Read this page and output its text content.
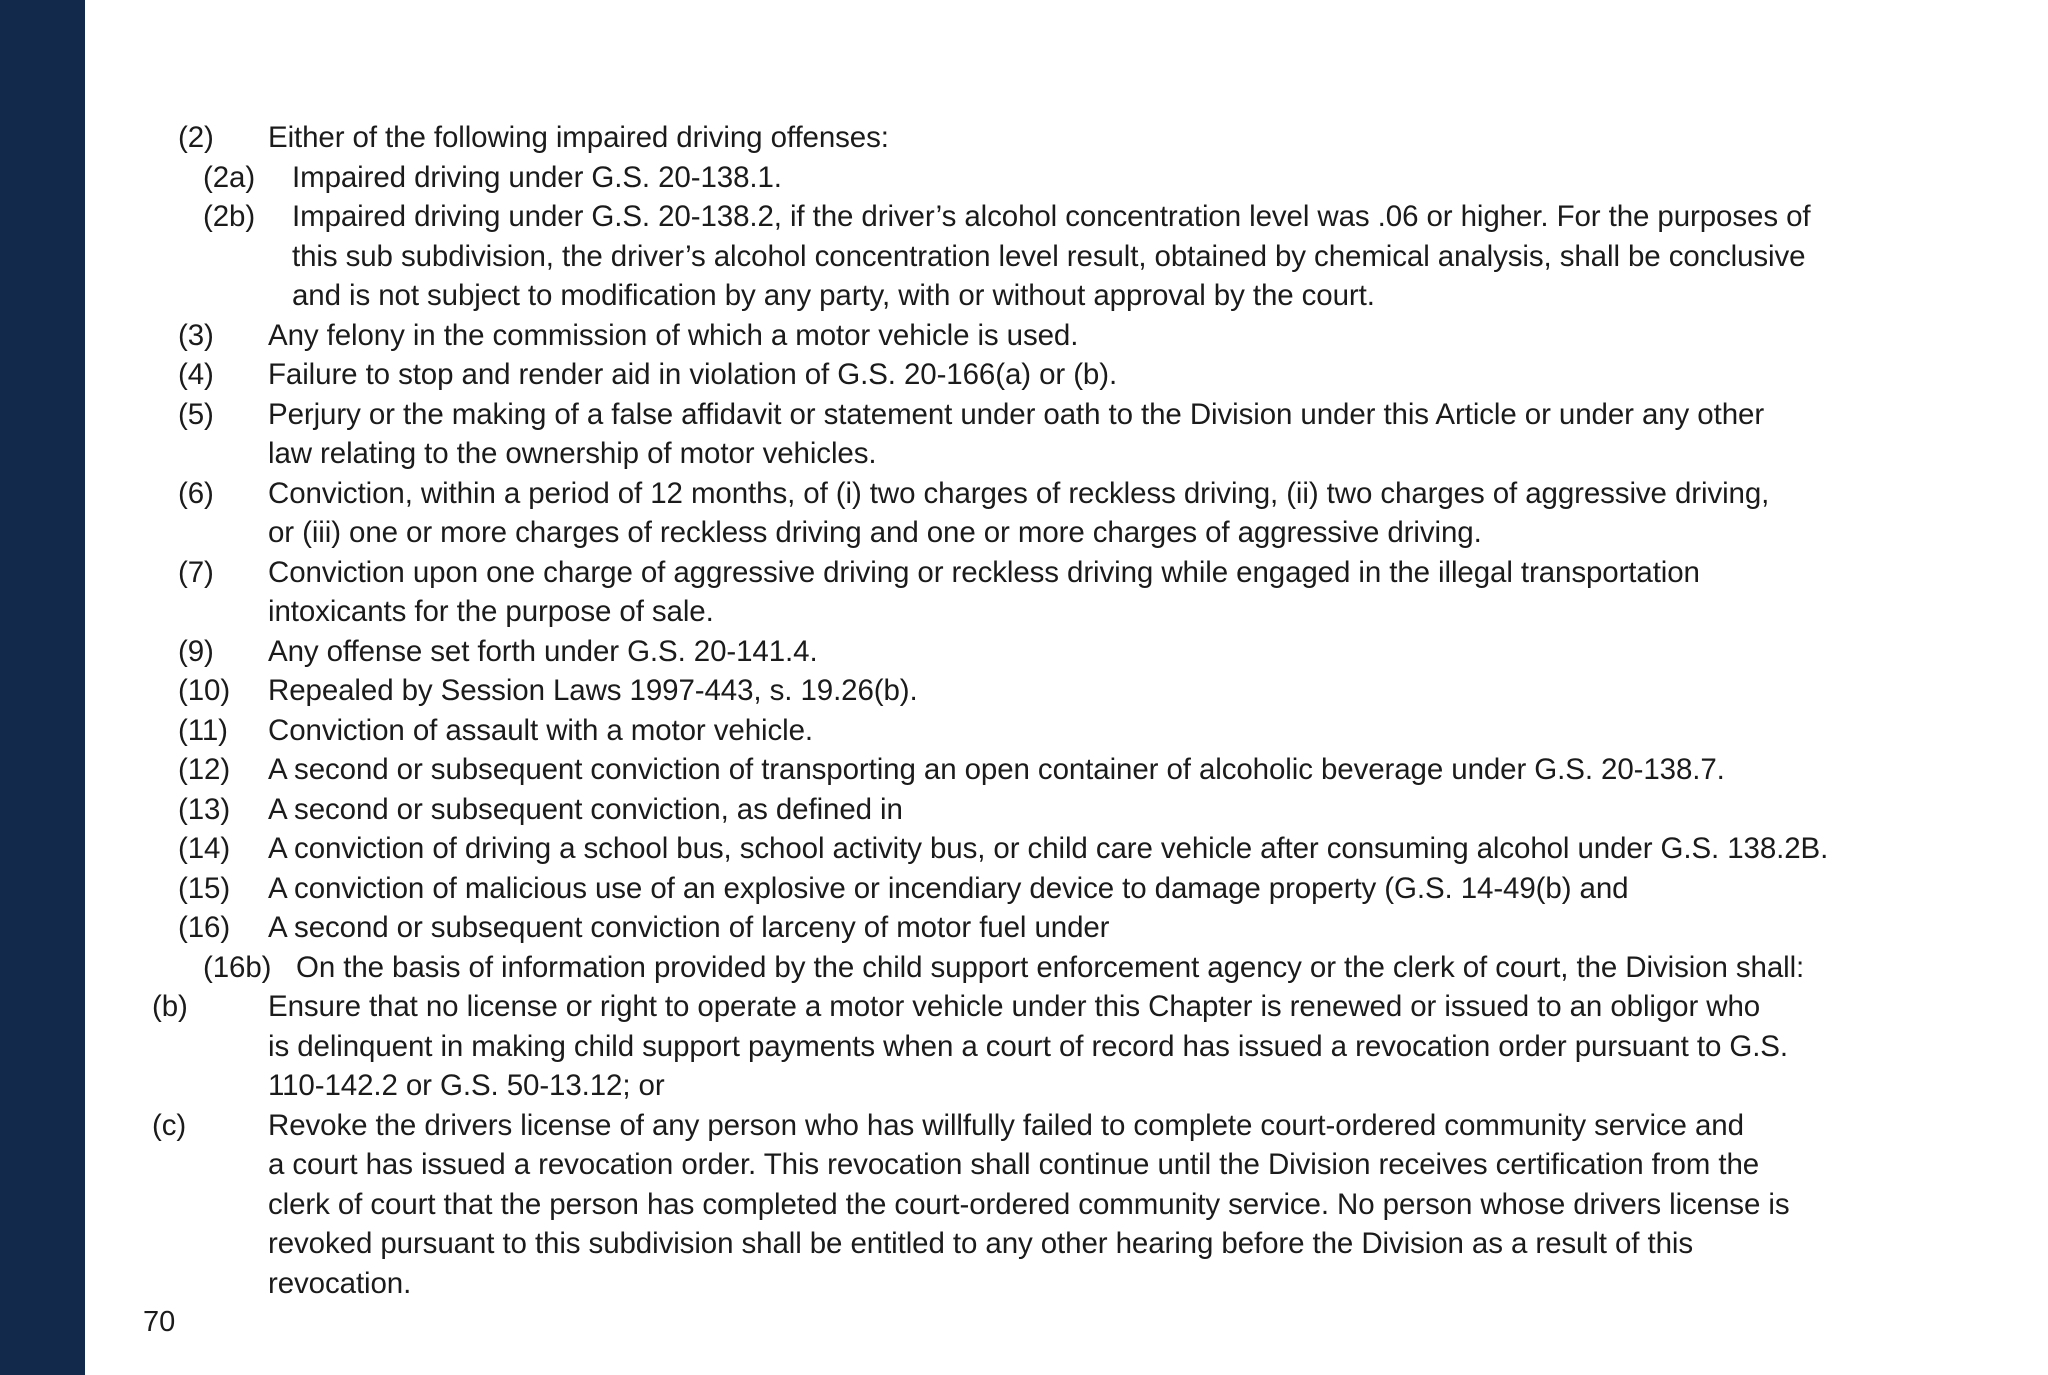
(2) Either of the following impaired driving offenses:
(2a) Impaired driving under G.S. 20-138.1.
(2b) Impaired driving under G.S. 20-138.2, if the driver’s alcohol concentration level was .06 or higher. For the purposes of
this sub subdivision, the driver’s alcohol concentration level result, obtained by chemical analysis, shall be conclusive
and is not subject to modification by any party, with or without approval by the court.
(3) Any felony in the commission of which a motor vehicle is used.
(4) Failure to stop and render aid in violation of G.S. 20-166(a) or (b).
(5) Perjury or the making of a false affidavit or statement under oath to the Division under this Article or under any other
law relating to the ownership of motor vehicles.
(6) Conviction, within a period of 12 months, of (i) two charges of reckless driving, (ii) two charges of aggressive driving,
or (iii) one or more charges of reckless driving and one or more charges of aggressive driving.
(7) Conviction upon one charge of aggressive driving or reckless driving while engaged in the illegal transportation
intoxicants for the purpose of sale.
(9) Any offense set forth under G.S. 20-141.4.
(10) Repealed by Session Laws 1997-443, s. 19.26(b).
(11) Conviction of assault with a motor vehicle.
(12) A second or subsequent conviction of transporting an open container of alcoholic beverage under G.S. 20-138.7.
(13) A second or subsequent conviction, as defined in
(14) A conviction of driving a school bus, school activity bus, or child care vehicle after consuming alcohol under G.S. 138.2B.
(15) A conviction of malicious use of an explosive or incendiary device to damage property (G.S. 14-49(b) and
(16) A second or subsequent conviction of larceny of motor fuel under
(16b) On the basis of information provided by the child support enforcement agency or the clerk of court, the Division shall:
(b)	Ensure that no license or right to operate a motor vehicle under this Chapter is renewed or issued to an obligor who
is delinquent in making child support payments when a court of record has issued a revocation order pursuant to G.S.
110-142.2 or G.S. 50-13.12; or
(c)	Revoke the drivers license of any person who has willfully failed to complete court-ordered community service and
a court has issued a revocation order. This revocation shall continue until the Division receives certification from the
clerk of court that the person has completed the court-ordered community service. No person whose drivers license is
revoked pursuant to this subdivision shall be entitled to any other hearing before the Division as a result of this
revocation.
70
